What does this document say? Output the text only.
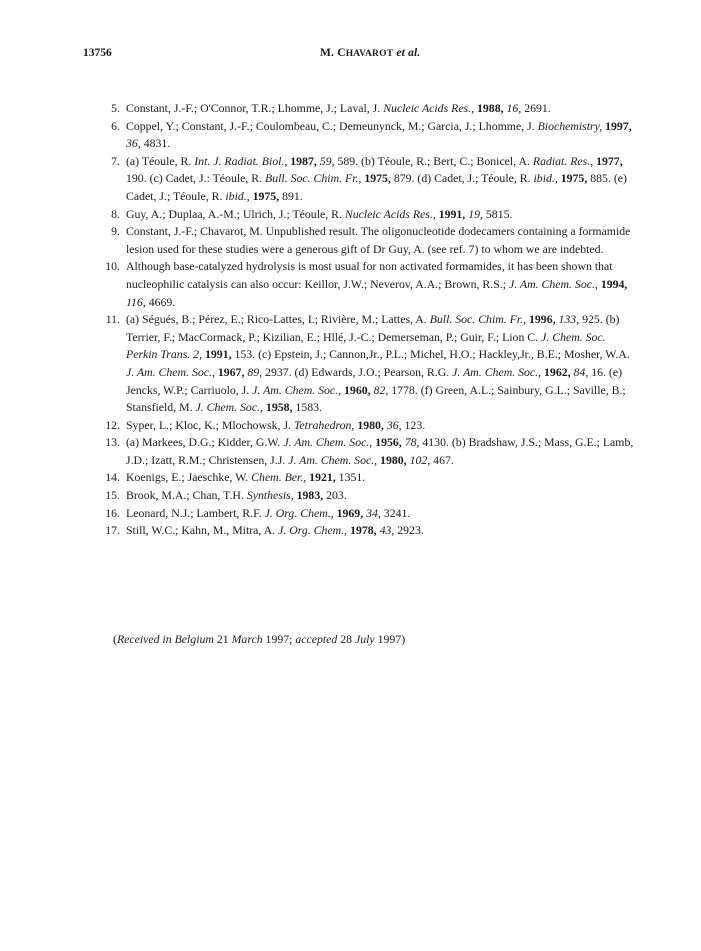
13756	M. CHAVAROT et al.
5. Constant, J.-F.; O'Connor, T.R.; Lhomme, J.; Laval, J. Nucleic Acids Res., 1988, 16, 2691.
6. Coppel, Y.; Constant, J.-F.; Coulombeau, C.; Demeunynck, M.; Garcia, J.; Lhomme, J. Biochemistry, 1997, 36, 4831.
7. (a) Téoule, R. Int. J. Radiat. Biol., 1987, 59, 589. (b) Téoule, R.; Bert, C.; Bonicel, A. Radiat. Res., 1977, 190. (c) Cadet, J.: Téoule, R. Bull. Soc. Chim. Fr., 1975, 879. (d) Cadet, J.; Téoule, R. ibid., 1975, 885. (e) Cadet, J.; Téoule, R. ibid., 1975, 891.
8. Guy, A.; Duplaa, A.-M.; Ulrich, J.; Téoule, R. Nucleic Acids Res., 1991, 19, 5815.
9. Constant, J.-F.; Chavarot, M. Unpublished result. The oligonucleotide dodecamers containing a formamide lesion used for these studies were a generous gift of Dr Guy, A. (see ref. 7) to whom we are indebted.
10. Although base-catalyzed hydrolysis is most usual for non activated formamides, it has been shown that nucleophilic catalysis can also occur: Keillor, J.W.; Neverov, A.A.; Brown, R.S.; J. Am. Chem. Soc., 1994, 116, 4669.
11. (a) Ségués, B.; Pérez, E.; Rico-Lattes, I.; Rivière, M.; Lattes, A. Bull. Soc. Chim. Fr., 1996, 133, 925. (b) Terrier, F.; MacCormack, P.; Kizilian, E.; Hllé, J.-C.; Demerseman, P.; Guir, F.; Lion C. J. Chem. Soc. Perkin Trans. 2, 1991, 153. (c) Epstein, J.; Cannon,Jr., P.L.; Michel, H.O.; Hackley,Jr., B.E.; Mosher, W.A. J. Am. Chem. Soc., 1967, 89, 2937. (d) Edwards, J.O.; Pearson, R.G. J. Am. Chem. Soc., 1962, 84, 16. (e) Jencks, W.P.; Carriuolo, J. J. Am. Chem. Soc., 1960, 82, 1778. (f) Green, A.L.; Sainbury, G.L.; Saville, B.; Stansfield, M. J. Chem. Soc., 1958, 1583.
12. Syper, L.; Kloc, K.; Mlochowsk, J. Tetrahedron, 1980, 36, 123.
13. (a) Markees, D.G.; Kidder, G.W. J. Am. Chem. Soc., 1956, 78, 4130. (b) Bradshaw, J.S.; Mass, G.E.; Lamb, J.D.; Izatt, R.M.; Christensen, J.J. J. Am. Chem. Soc., 1980, 102, 467.
14. Koenigs, E.; Jaeschke, W. Chem. Ber., 1921, 1351.
15. Brook, M.A.; Chan, T.H. Synthesis, 1983, 203.
16. Leonard, N.J.; Lambert, R.F. J. Org. Chem., 1969, 34, 3241.
17. Still, W.C.; Kahn, M., Mitra, A. J. Org. Chem., 1978, 43, 2923.
(Received in Belgium 21 March 1997; accepted 28 July 1997)
